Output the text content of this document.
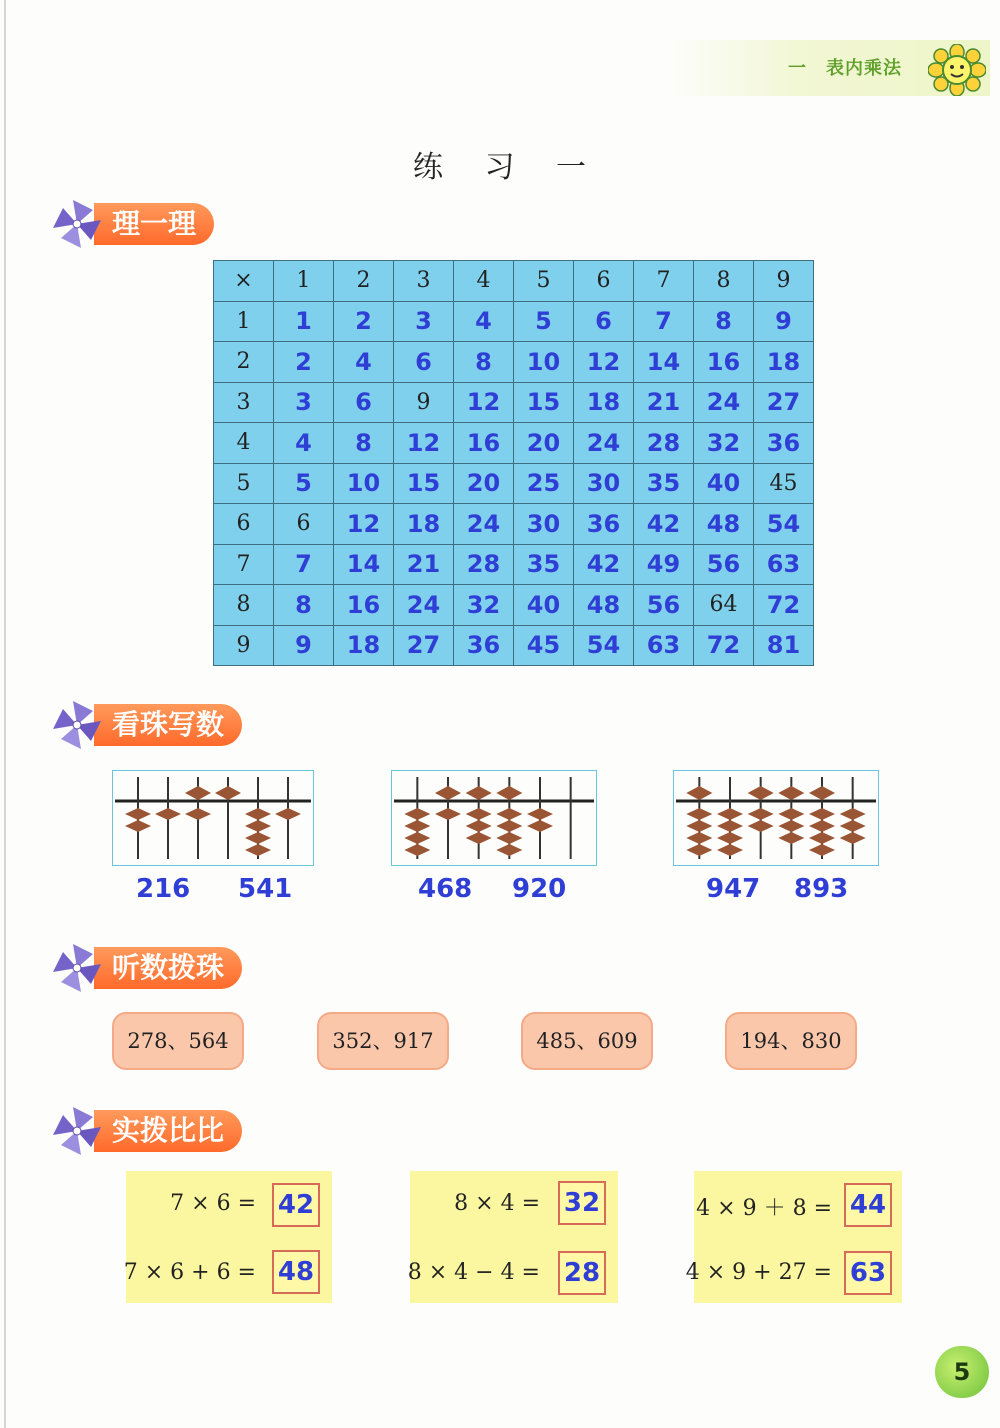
一　表内乘法
练 习 一
理一理
×	1	2	3	4	5	6	7	8	9
1	1	2	3	4	5	6	7	8	9
2	2	4	6	8	10	12	14	16	18
3	3	6	9	12	15	18	21	24	27
4	4	8	12	16	20	24	28	32	36
5	5	10	15	20	25	30	35	40	45
6	6	12	18	24	30	36	42	48	54
7	7	14	21	28	35	42	49	56	63
8	8	16	24	32	40	48	56	64	72
9	9	18	27	36	45	54	63	72	81
看珠写数
216 541	468 920	947 893
听数拨珠
278、564	352、917	485、609	194、830
实拨比比
7 × 6 = 42
7 × 6 + 6 = 48
8 × 4 = 32
8 × 4 − 4 = 28
4 × 9 ＋ 8 = 44
4 × 9 + 27 = 63
5
